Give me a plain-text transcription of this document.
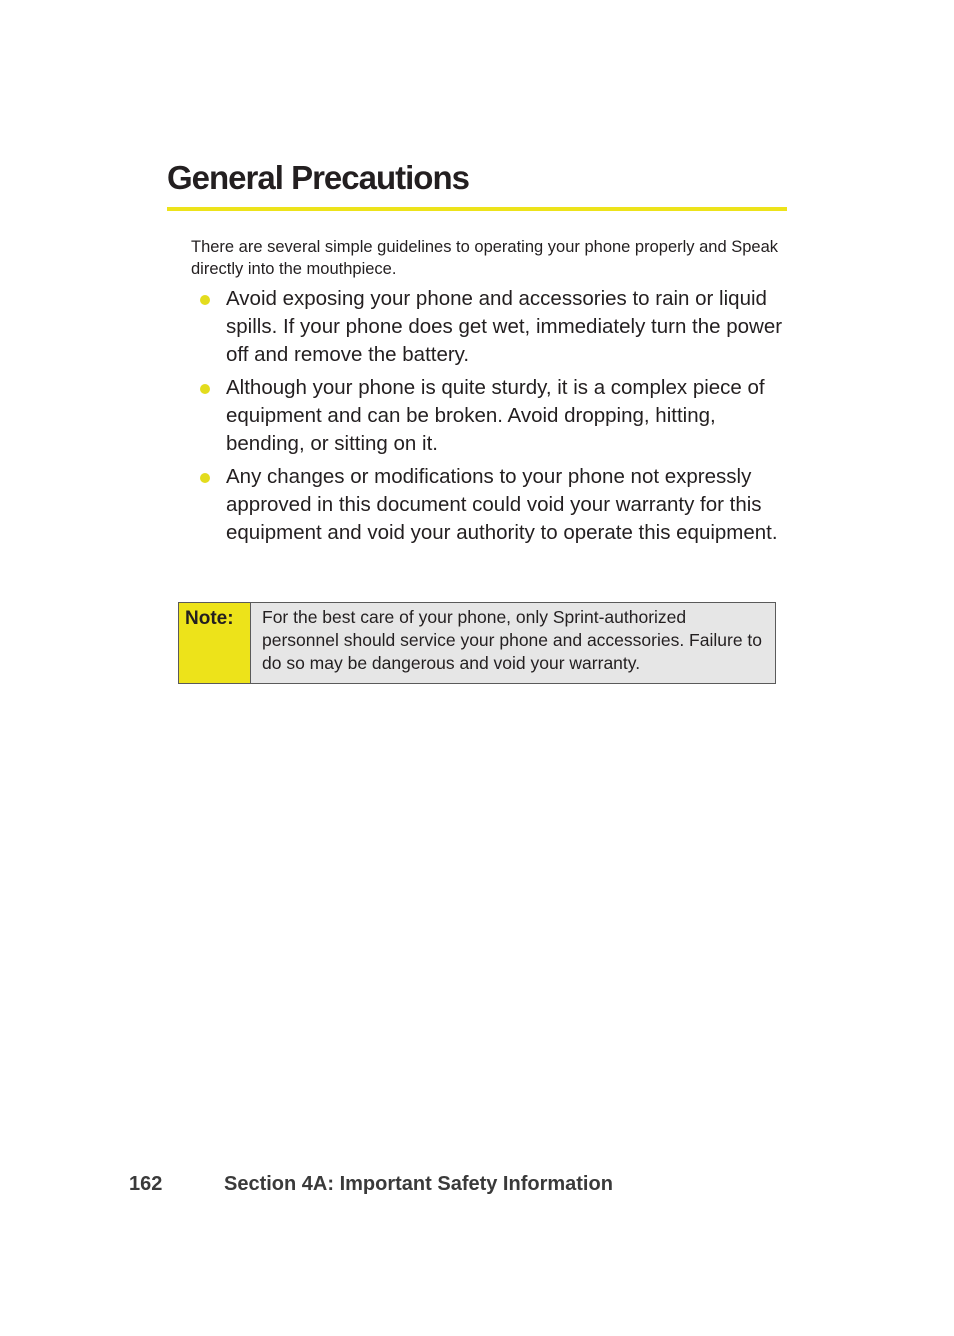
General Precautions

There are several simple guidelines to operating your phone properly and Speak directly into the mouthpiece.

Avoid exposing your phone and accessories to rain or liquid spills. If your phone does get wet, immediately turn the power off and remove the battery.
Although your phone is quite sturdy, it is a complex piece of equipment and can be broken. Avoid dropping, hitting, bending, or sitting on it.
Any changes or modifications to your phone not expressly approved in this document could void your warranty for this equipment and void your authority to operate this equipment.
Note:	For the best care of your phone, only Sprint-authorized personnel should service your phone and accessories. Failure to do so may be dangerous and void your warranty.
162	Section 4A: Important Safety Information
